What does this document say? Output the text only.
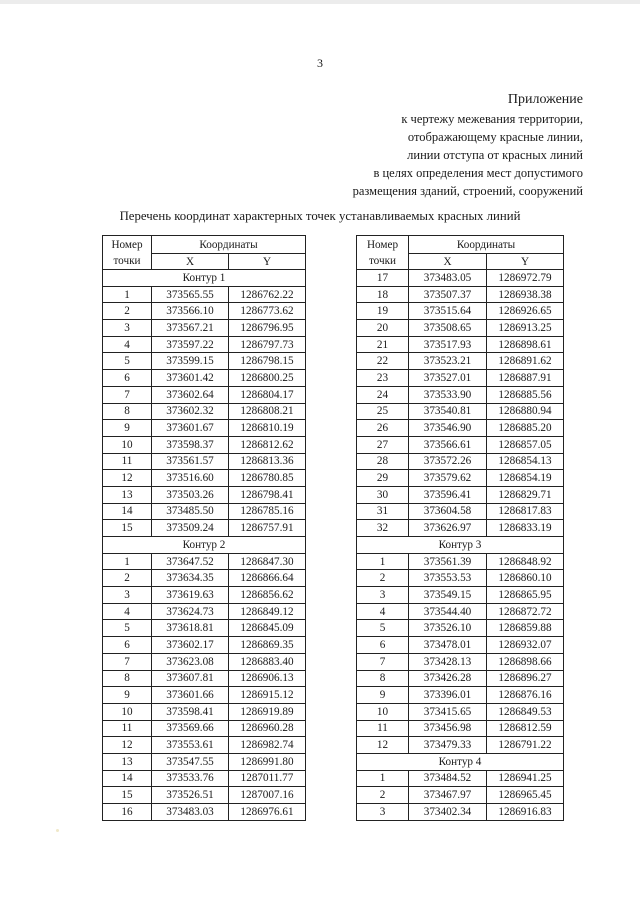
3
Приложение
к чертежу межевания территории,
отображающему красные линии,
линии отступа от красных линий
в целях определения мест допустимого
размещения зданий, строений, сооружений
Перечень координат характерных точек устанавливаемых красных линий
Номер
точки	Координаты	
	X	Y
Контур 1		
1	373565.55	1286762.22
2	373566.10	1286773.62
3	373567.21	1286796.95
4	373597.22	1286797.73
5	373599.15	1286798.15
6	373601.42	1286800.25
7	373602.64	1286804.17
8	373602.32	1286808.21
9	373601.67	1286810.19
10	373598.37	1286812.62
11	373561.57	1286813.36
12	373516.60	1286780.85
13	373503.26	1286798.41
14	373485.50	1286785.16
15	373509.24	1286757.91
Контур 2		
1	373647.52	1286847.30
2	373634.35	1286866.64
3	373619.63	1286856.62
4	373624.73	1286849.12
5	373618.81	1286845.09
6	373602.17	1286869.35
7	373623.08	1286883.40
8	373607.81	1286906.13
9	373601.66	1286915.12
10	373598.41	1286919.89
11	373569.66	1286960.28
12	373553.61	1286982.74
13	373547.55	1286991.80
14	373533.76	1287011.77
15	373526.51	1287007.16
16	373483.03	1286976.61
Номер
точки	Координаты	
	X	Y
17	373483.05	1286972.79
18	373507.37	1286938.38
19	373515.64	1286926.65
20	373508.65	1286913.25
21	373517.93	1286898.61
22	373523.21	1286891.62
23	373527.01	1286887.91
24	373533.90	1286885.56
25	373540.81	1286880.94
26	373546.90	1286885.20
27	373566.61	1286857.05
28	373572.26	1286854.13
29	373579.62	1286854.19
30	373596.41	1286829.71
31	373604.58	1286817.83
32	373626.97	1286833.19
Контур 3		
1	373561.39	1286848.92
2	373553.53	1286860.10
3	373549.15	1286865.95
4	373544.40	1286872.72
5	373526.10	1286859.88
6	373478.01	1286932.07
7	373428.13	1286898.66
8	373426.28	1286896.27
9	373396.01	1286876.16
10	373415.65	1286849.53
11	373456.98	1286812.59
12	373479.33	1286791.22
Контур 4		
1	373484.52	1286941.25
2	373467.97	1286965.45
3	373402.34	1286916.83
